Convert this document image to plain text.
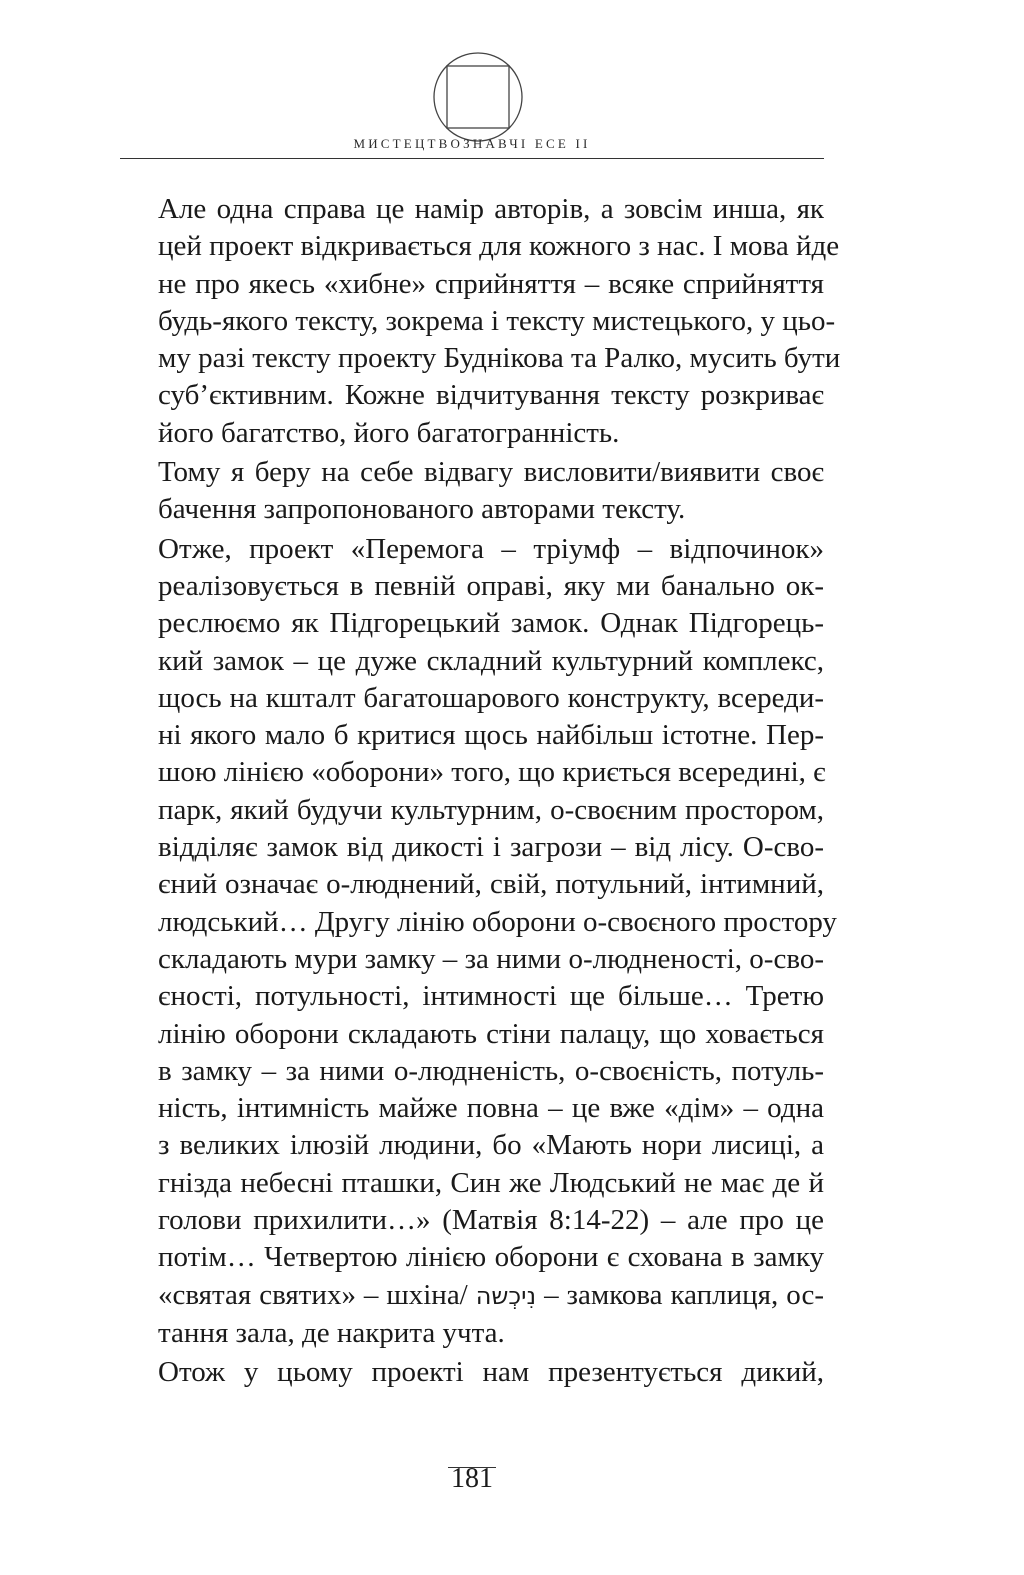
МИСТЕЦТВОЗНАВЧІ ЕСЕ II
Але одна справа це намір авторів, а зовсім инша, як
цей проект відкривається для кожного з нас. І мова йде
не про якесь «хибне» сприйняття – всяке сприйняття
будь-якого тексту, зокрема і тексту мистецького, у цьо-
му разі тексту проекту Буднікова та Ралко, мусить бути
суб’єктивним. Кожне відчитування тексту розкриває
його багатство, його багатогранність.
Тому я беру на себе відвагу висловити/виявити своє
бачення запропонованого авторами тексту.
Отже, проект «Перемога – тріумф – відпочинок»
реалізовується в певній оправі, яку ми банально ок-
реслюємо як Підгорецький замок. Однак Підгорець-
кий замок – це дуже складний культурний комплекс,
щось на кшталт багатошарового конструкту, всереди-
ні якого мало б критися щось найбільш істотне. Пер-
шою лінією «оборони» того, що криється всередині, є
парк, який будучи культурним, о-своєним простором,
відділяє замок від дикості і загрози – від лісу. О-сво-
єний означає о-люднений, свій, потульний, інтимний,
людський… Другу лінію оборони о-своєного простору
складають мури замку – за ними о-людненості, о-сво-
єності, потульності, інтимності ще більше… Третю
лінію оборони складають стіни палацу, що ховається
в замку – за ними о-люднeність, о-своєність, потуль-
ність, інтимність майже повна – це вже «дім» – одна
з великих ілюзій людини, бо «Мають нори лисиці, а
гнізда небесні пташки, Син же Людський не має де й
голови прихилити…» (Матвія 8:14-22) – але про це
потім… Четвертою лінією оборони є схована в замку
«святая святих» – шхіна/ נִיכְשה – замкова каплиця, ос-
тання зала, де накрита учта.
Отож у цьому проекті нам презентується дикий,
181
